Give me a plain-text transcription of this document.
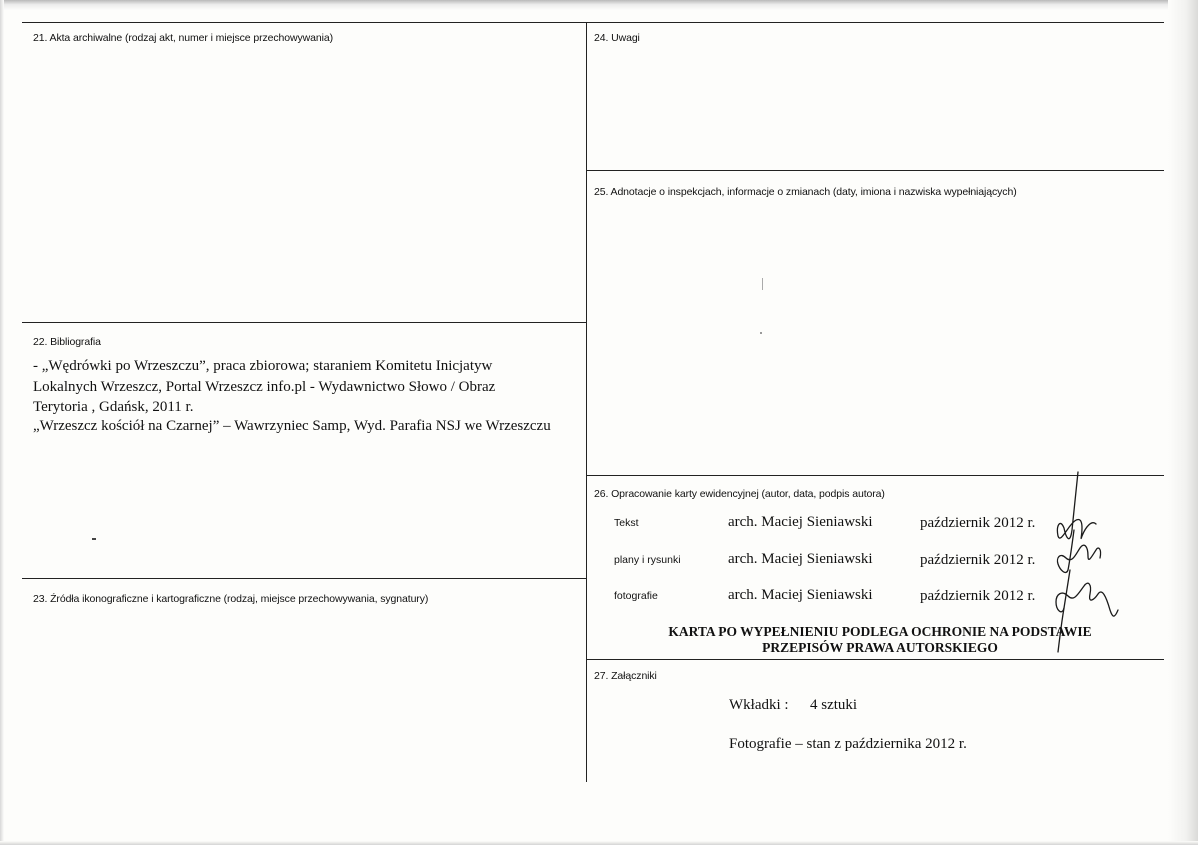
21. Akta archiwalne (rodzaj akt, numer i miejsce przechowywania)
22. Bibliografia
- „Wędrówki po Wrzeszczu”, praca zbiorowa; staraniem Komitetu Inicjatyw
Lokalnych Wrzeszcz, Portal Wrzeszcz info.pl - Wydawnictwo Słowo / Obraz
Terytoria , Gdańsk, 2011 r.
„Wrzeszcz kościół na Czarnej” – Wawrzyniec Samp, Wyd. Parafia NSJ we Wrzeszczu
23. Źródła ikonograficzne i kartograficzne (rodzaj, miejsce przechowywania, sygnatury)
24. Uwagi
25. Adnotacje o inspekcjach, informacje o zmianach (daty, imiona i nazwiska wypełniających)
26. Opracowanie karty ewidencyjnej (autor, data, podpis autora)
Tekst	arch. Maciej Sieniawski	październik 2012 r.
plany i rysunki	arch. Maciej Sieniawski	październik 2012 r.
fotografie	arch. Maciej Sieniawski	październik 2012 r.
KARTA PO WYPEŁNIENIU PODLEGA OCHRONIE NA PODSTAWIE
PRZEPISÓW PRAWA AUTORSKIEGO
27. Załączniki
Wkładki : 4 sztuki
Fotografie – stan z października 2012 r.
